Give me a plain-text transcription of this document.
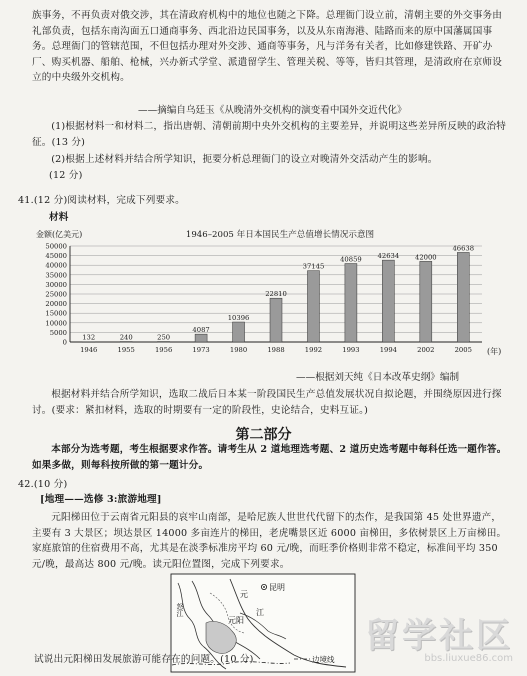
族事务，不再负责对俄交涉，其在清政府机构中的地位也随之下降。总理衙门设立前，清朝主要的外交事务由礼部负责，包括东南沟面五口通商事务、西北沿边民国事务，以及从东南海港、陆路而来的原中国藩属国事务。总理衙门的管辖范围，不但包括办理对外交涉、通商等事务，凡与洋务有关者，比如修建铁路、开矿办厂、购买机器、船舶、枪械，兴办新式学堂、派遣留学生、管理关税、等等，皆归其管理，是清政府在京师设立的中央级外交机构。
——摘编自乌廷玉《从晚清外交机构的演变看中国外交近代化》
(1)根据材料一和材料二，指出唐朝、清朝前期中央外交机构的主要差异，并说明这些差异所反映的政治特征。(13 分)
(2)根据上述材料并结合所学知识，扼要分析总理衙门的设立对晚清外交活动产生的影响。
(12 分)
41.(12 分)阅读材料，完成下列要求。
材料
1946–2005 年日本国民生产总值增长情况示意图
金额(亿美元)
(年)
0
5000
10000
15000
20000
25000
30000
35000
40000
45000
50000
132
1946
240
1955
250
1956
4087
1973
10396
1980
22810
1988
37145
1992
40859
1993
42634
1994
42000
2002
46638
2005
——根据刘天纯《日本改革史纲》编制
根据材料并结合所学知识，选取二战后日本某一阶段国民生产总值发展状况自拟论题，并围绕原因进行探讨。(要求：紧扣材料，选取的时期要有一定的阶段性，史论结合，史料互证。)
第二部分
本部分为选考题，考生根据要求作答。请考生从 2 道地理选考题、2 道历史选考题中每科任选一题作答。如果多做，则每科按所做的第一题计分。
42.(10 分)
[地理——选修 3:旅游地理]
元阳梯田位于云南省元阳县的哀牢山南部，是哈尼族人世世代代留下的杰作，是我国第 45 处世界遗产，主要有 3 大景区；坝达景区 14000 多亩连片的梯田，老虎嘴景区近 6000 亩梯田，多依树景区上万亩梯田。家庭旅馆的住宿费用不高，尤其是在淡季标准房平均 60 元/晚，而旺季价格则非常不稳定，标准间平均 350 元/晚，最高达 800 元/晚。读元阳位置图，完成下列要求。
昆明
元
江
元阳
怒江
边境线
试说出元阳梯田发展旅游可能存在的问题。(10 分)
留学社区
bbs.liuxue86.com
